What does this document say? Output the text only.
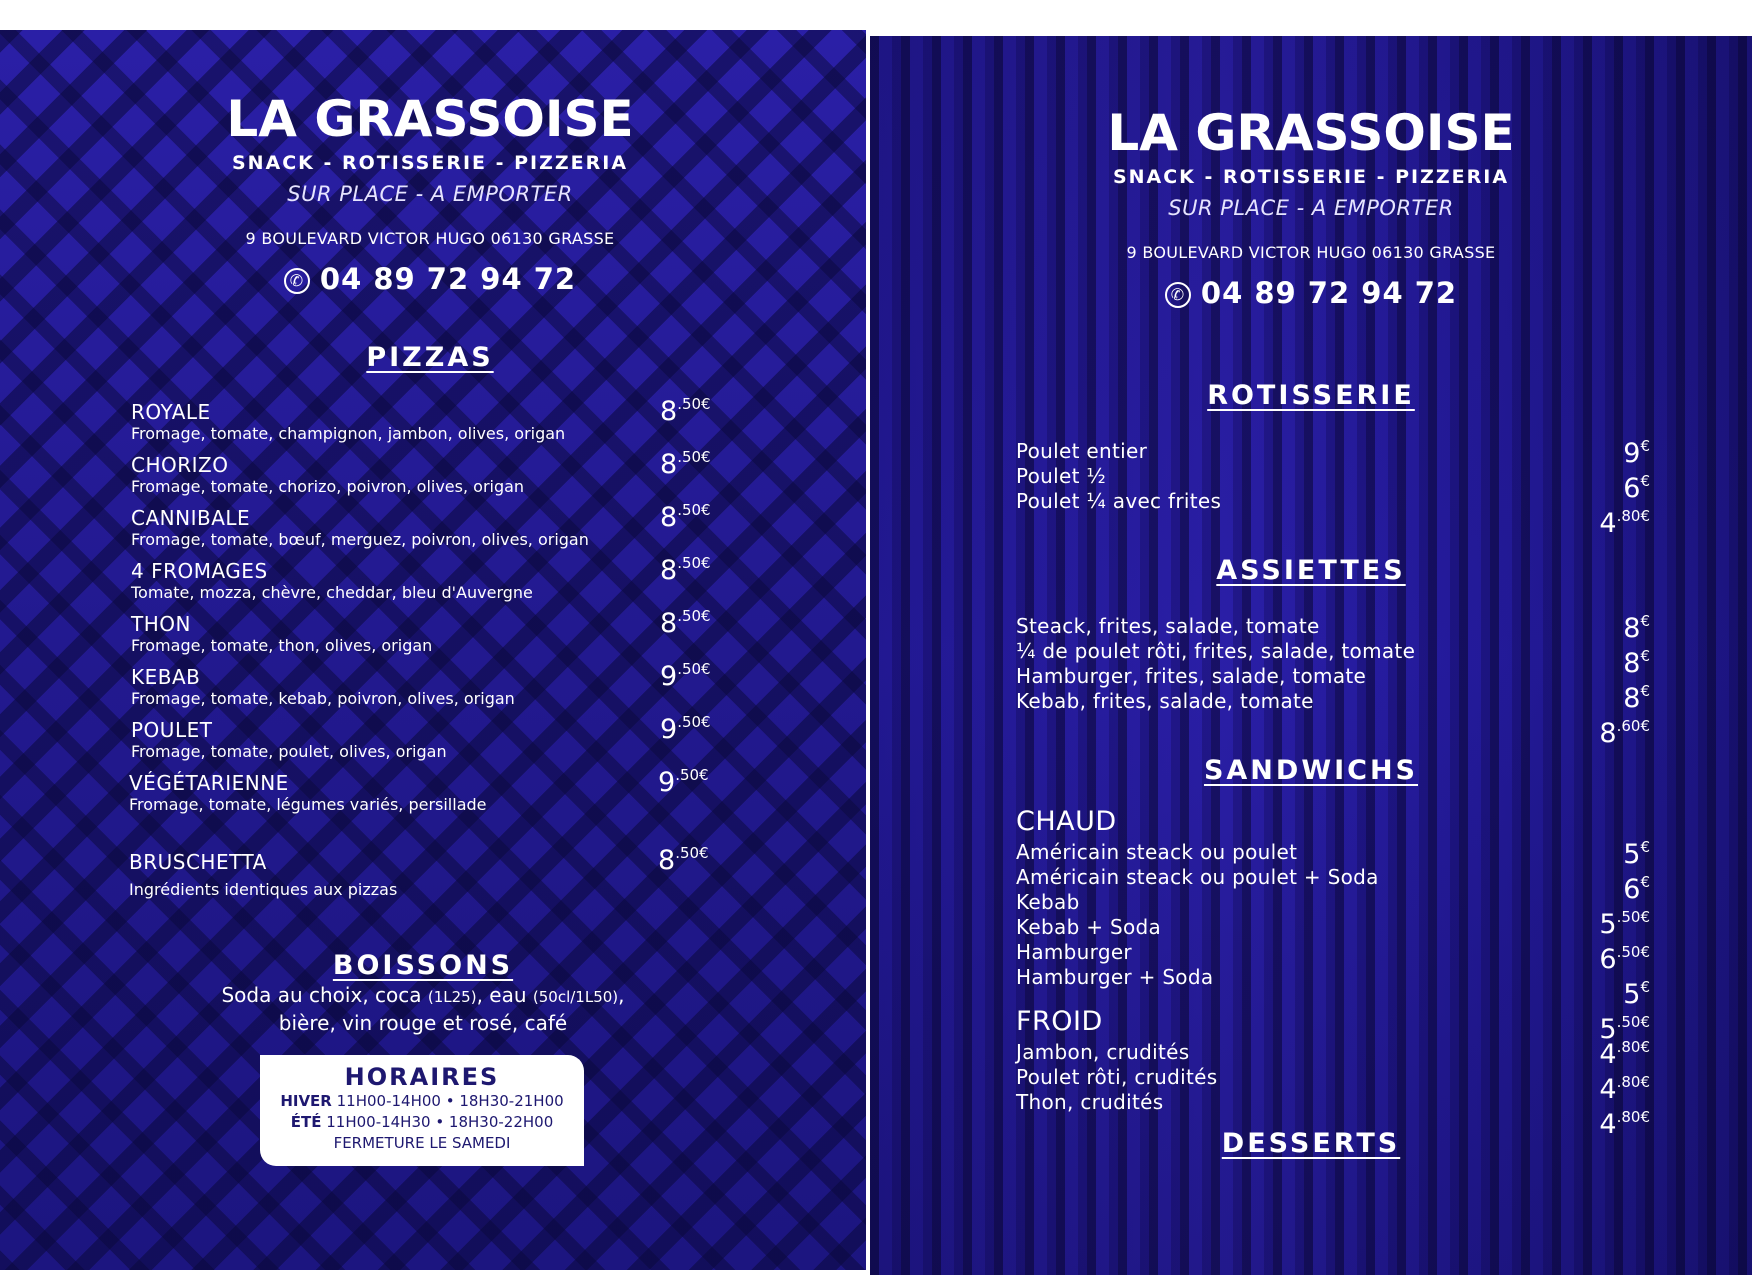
LA GRASSOISE
SNACK - ROTISSERIE - PIZZERIA
SUR PLACE - A EMPORTER
9 BOULEVARD VICTOR HUGO 06130 GRASSE
✆ 04 89 72 94 72
PIZZAS
ROYALE
Fromage, tomate, champignon, jambon, olives, origan
8.50€
CHORIZO
Fromage, tomate, chorizo, poivron, olives, origan
8.50€
CANNIBALE
Fromage, tomate, bœuf, merguez, poivron, olives, origan
8.50€
4 FROMAGES
Tomate, mozza, chèvre, cheddar, bleu d'Auvergne
8.50€
THON
Fromage, tomate, thon, olives, origan
8.50€
KEBAB
Fromage, tomate, kebab, poivron, olives, origan
9.50€
POULET
Fromage, tomate, poulet, olives, origan
9.50€
VÉGÉTARIENNE
Fromage, tomate, légumes variés, persillade
9.50€
BRUSCHETTA
Ingrédients identiques aux pizzas
8.50€
BOISSONS
Soda au choix, coca (1L25), eau (50cl/1L50),
bière, vin rouge et rosé, café
HORAIRES
HIVER 11H00-14H00 • 18H30-21H00
ÉTÉ 11H00-14H30 • 18H30-22H00
FERMETURE LE SAMEDI
LA GRASSOISE
SNACK - ROTISSERIE - PIZZERIA
SUR PLACE - A EMPORTER
9 BOULEVARD VICTOR HUGO 06130 GRASSE
✆ 04 89 72 94 72
ROTISSERIE
Poulet entier
Poulet ½
Poulet ¼ avec frites
9€
6€
4.80€
ASSIETTES
Steack, frites, salade, tomate
¼ de poulet rôti, frites, salade, tomate
Hamburger, frites, salade, tomate
Kebab, frites, salade, tomate
8€
8€
8€
8.60€
SANDWICHS
CHAUD
Américain steack ou poulet
Américain steack ou poulet + Soda
Kebab
Kebab + Soda
Hamburger
Hamburger + Soda
5€
6€
5.50€
6.50€
5€
5.50€
FROID
Jambon, crudités
Poulet rôti, crudités
Thon, crudités
4.80€
4.80€
4.80€
DESSERTS
